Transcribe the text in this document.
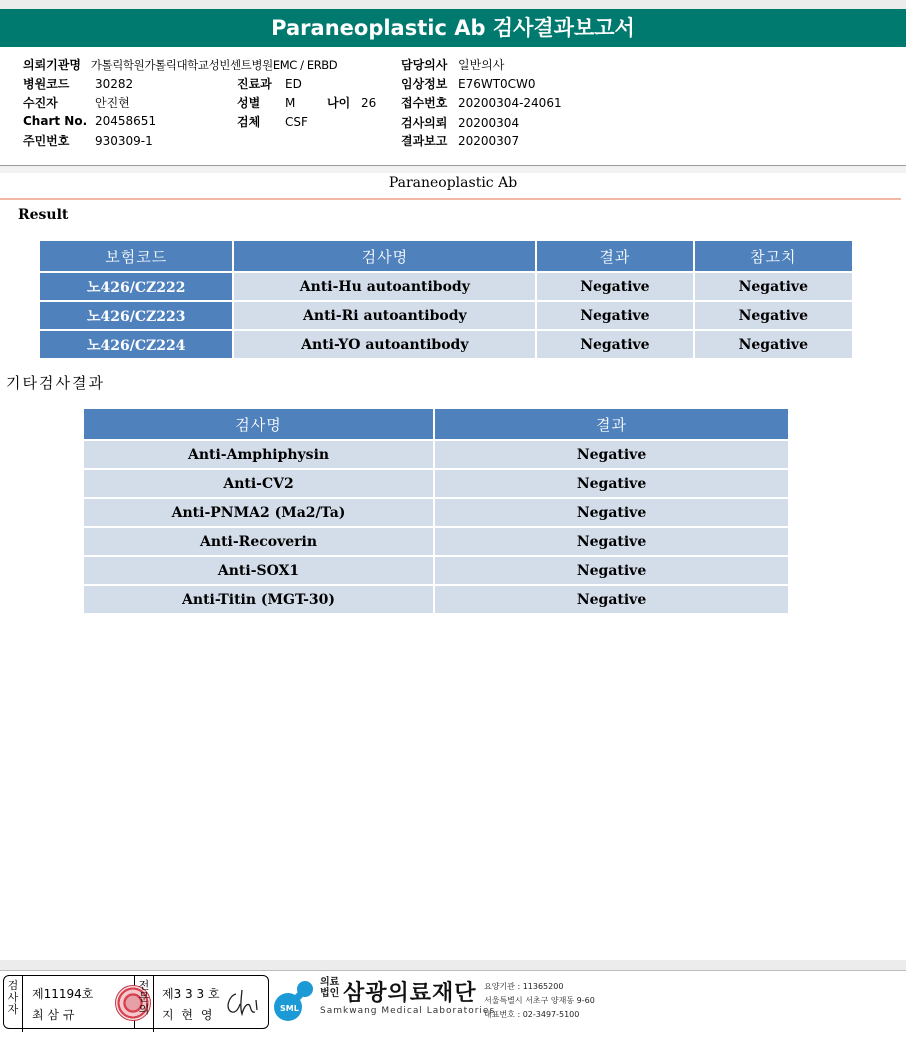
Paraneoplastic Ab 검사결과보고서
의뢰기관명 가톨릭학원가톨릭대학교성빈센트병원EMC / ERBD
병원코드 30282
수진자	안진현
Chart No. 20458651
주민번호 930309-1
진료과 ED
성별 M	나이 26
검체 CSF
담당의사 일반의사
임상정보 E76WT0CW0
접수번호 20200304-24061
검사의뢰 20200304
결과보고 20200307
Paraneoplastic Ab
Result
보험코드	검사명	결과	참고치
노426/CZ222	Anti-Hu autoantibody	Negative	Negative
노426/CZ223	Anti-Ri autoantibody	Negative	Negative
노426/CZ224	Anti-YO autoantibody	Negative	Negative
기타검사결과
검사명	결과
Anti-Amphiphysin	Negative
Anti-CV2	Negative
Anti-PNMA2 (Ma2/Ta)	Negative
Anti-Recoverin	Negative
Anti-SOX1	Negative
Anti-Titin (MGT-30)	Negative
검사자
제11194호
최 삼 규
전문의
제3 3 3 호
지 현 영	SML
의료
법인 삼광의료재단
Samkwang Medical Laboratories
요양기관 : 11365200
서울특별시 서초구 양재동 9-60
대표번호 : 02-3497-5100
